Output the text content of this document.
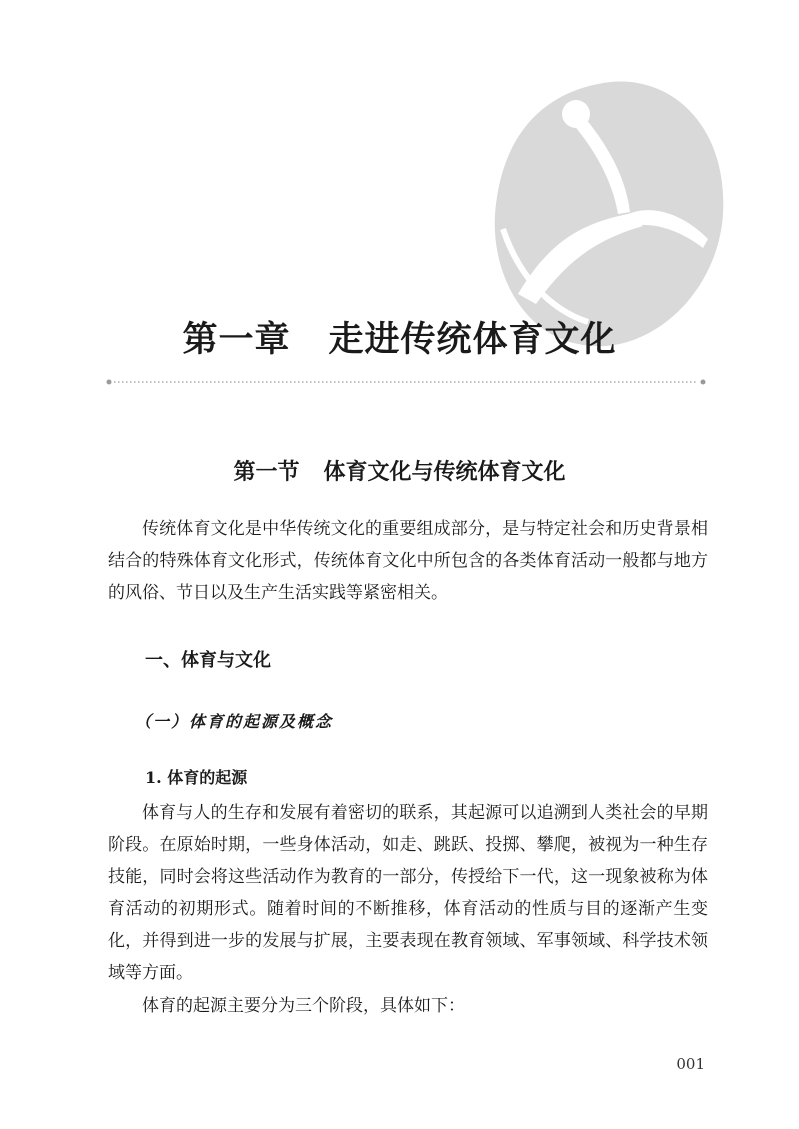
第一章 走进传统体育文化
第一节 体育文化与传统体育文化

传统体育文化是中华传统文化的重要组成部分，是与特定社会和历史背景相结合的特殊体育文化形式，传统体育文化中所包含的各类体育活动一般都与地方的风俗、节日以及生产生活实践等紧密相关。

一、体育与文化
（一）体育的起源及概念
1. 体育的起源

体育与人的生存和发展有着密切的联系，其起源可以追溯到人类社会的早期阶段。在原始时期，一些身体活动，如走、跳跃、投掷、攀爬，被视为一种生存技能，同时会将这些活动作为教育的一部分，传授给下一代，这一现象被称为体育活动的初期形式。随着时间的不断推移，体育活动的性质与目的逐渐产生变化，并得到进一步的发展与扩展，主要表现在教育领域、军事领域、科学技术领域等方面。

体育的起源主要分为三个阶段，具体如下：

001
